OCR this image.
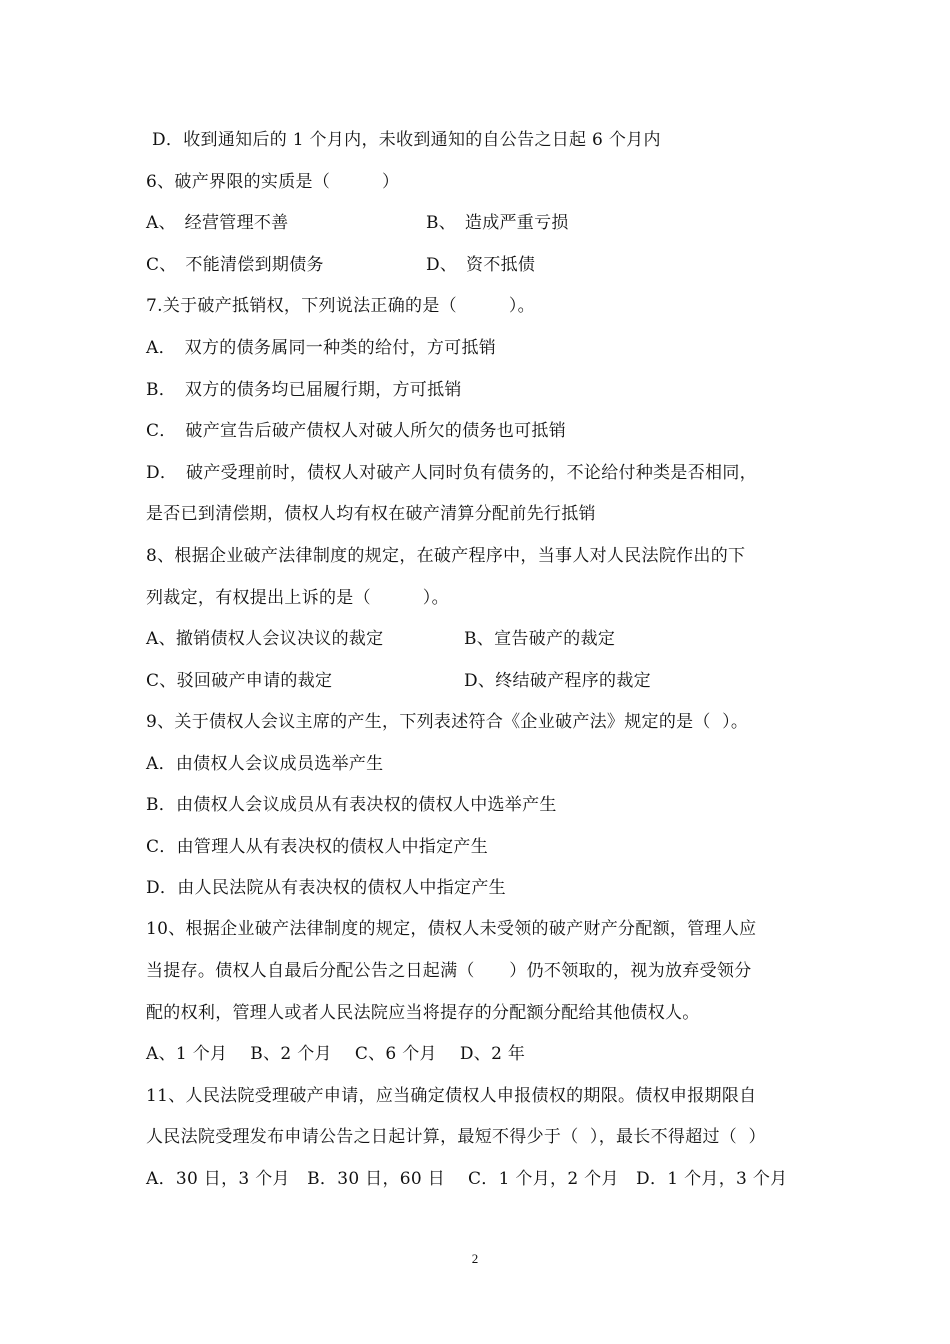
D．收到通知后的 1 个月内，未收到通知的自公告之日起 6 个月内
6、破产界限的实质是（　　　）
A、　经营管理不善	B、　造成严重亏损
C、　不能清偿到期债务	D、　资不抵债
7.关于破产抵销权，下列说法正确的是（　　　）。
A．　双方的债务属同一种类的给付，方可抵销
B．　双方的债务均已届履行期，方可抵销
C．　破产宣告后破产债权人对破人所欠的债务也可抵销
D．　破产受理前时，债权人对破产人同时负有债务的，不论给付种类是否相同，
是否已到清偿期，债权人均有权在破产清算分配前先行抵销
8、根据企业破产法律制度的规定，在破产程序中，当事人对人民法院作出的下
列裁定，有权提出上诉的是（　　　）。
A、撤销债权人会议决议的裁定	B、宣告破产的裁定
C、驳回破产申请的裁定	D、终结破产程序的裁定
9、关于债权人会议主席的产生，下列表述符合《企业破产法》规定的是（  ）。
A．由债权人会议成员选举产生
B．由债权人会议成员从有表决权的债权人中选举产生
C．由管理人从有表决权的债权人中指定产生
D．由人民法院从有表决权的债权人中指定产生
10、根据企业破产法律制度的规定，债权人未受领的破产财产分配额，管理人应
当提存。债权人自最后分配公告之日起满（　　）仍不领取的，视为放弃受领分
配的权利，管理人或者人民法院应当将提存的分配额分配给其他债权人。
A、1 个月　 B、2 个月　 C、6 个月　 D、2 年
11、人民法院受理破产申请，应当确定债权人申报债权的期限。债权申报期限自
人民法院受理发布申请公告之日起计算，最短不得少于（  ），最长不得超过（  ）
A．30 日，3 个月　B．30 日，60 日　 C．1 个月，2 个月　D．1 个月，3 个月
2
